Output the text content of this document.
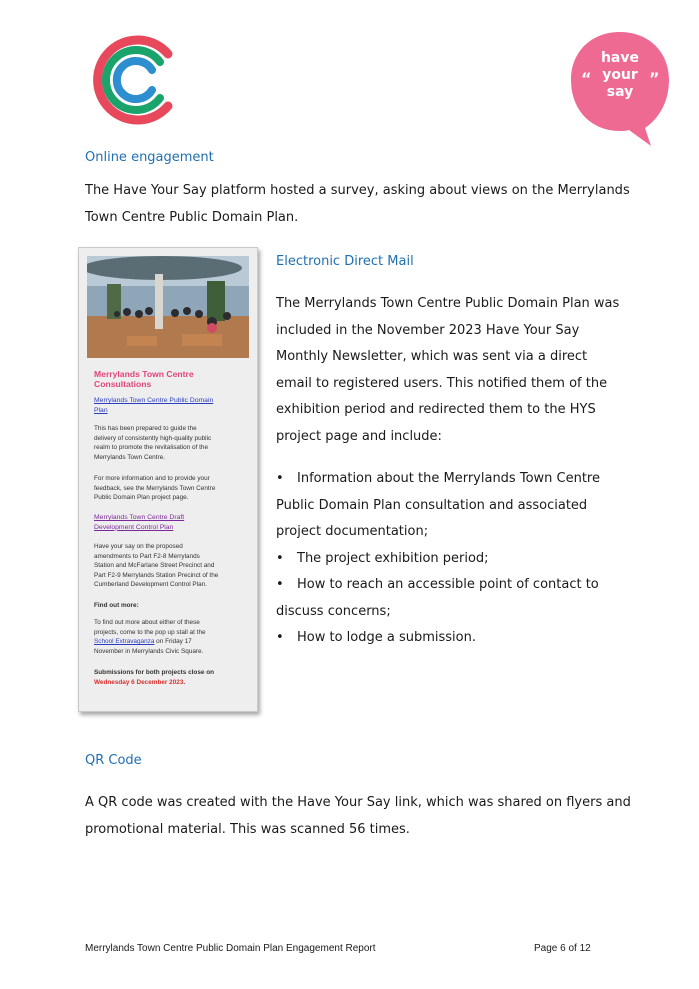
“	”
have
your
say
Online engagement
The Have Your Say platform hosted a survey, asking about views on the Merrylands
Town Centre Public Domain Plan.
Merrylands Town Centre
Consultations
Merrylands Town Centre Public Domain
Plan
This has been prepared to guide the
delivery of consistently high-quality public
realm to promote the revitalisation of the
Merrylands Town Centre.
For more information and to provide your
feedback, see the Merrylands Town Centre
Public Domain Plan project page.
Merrylands Town Centre Draft
Development Control Plan
Have your say on the proposed
amendments to Part F2-8 Merrylands
Station and McFarlane Street Precinct and
Part F2-9 Merrylands Station Precinct of the
Cumberland Development Control Plan.
Find out more:
To find out more about either of these
projects, come to the pop up stall at the
School Extravaganza on Friday 17
November in Merrylands Civic Square.
Submissions for both projects close on
Wednesday 6 December 2023.
Electronic Direct Mail
The Merrylands Town Centre Public Domain Plan was
included in the November 2023 Have Your Say
Monthly Newsletter, which was sent via a direct
email to registered users. This notified them of the
exhibition period and redirected them to the HYS
project page and include:
• Information about the Merrylands Town Centre
Public Domain Plan consultation and associated
project documentation;
• The project exhibition period;
• How to reach an accessible point of contact to
discuss concerns;
• How to lodge a submission.
QR Code
A QR code was created with the Have Your Say link, which was shared on flyers and
promotional material. This was scanned 56 times.
Merrylands Town Centre Public Domain Plan Engagement Report	Page 6 of 12
